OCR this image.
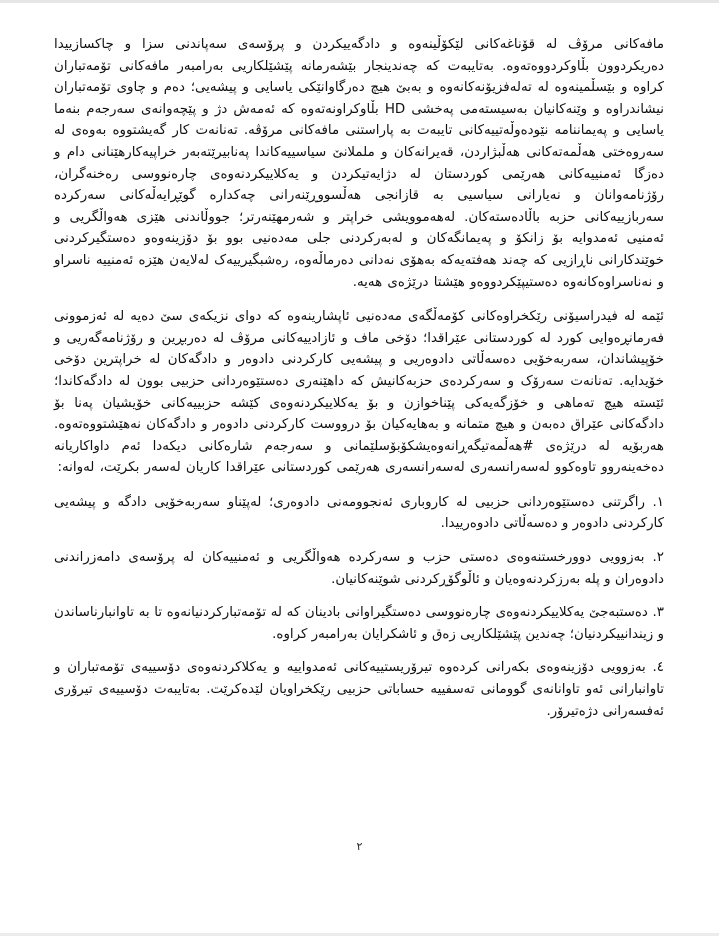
مافەکانی مرۆڤ لە قۆناغەکانی لێکۆڵینەوە و دادگەییکردن و پرۆسەی سەپاندنی سزا و چاکسازییدا دەریکردوون بڵاوکردووەتەوە. بەتایبەت کە چەندینجار بێشەرمانە پێشێلکاریی بەرامبەر مافەکانی تۆمەتباران کراوە و بێسڵمینەوە لە تەلەفزیۆنەکانەوە و بەبێ هیچ دەرگاوانێکی یاسایی و پیشەیی؛ دەم و چاوی تۆمەتباران نیشاندراوە و وێنەکانیان بەسیستەمی پەخشی HD بڵاوکراونەتەوە کە ئەمەش دژ و پێچەوانەی سەرجەم بنەما یاسایی و پەیماننامە نێودەوڵەتییەکانی تایبەت بە پاراستنی مافەکانی مرۆڤە. تەنانەت کار گەیشتووە بەوەی لە سەروەختی هەڵمەتەکانی هەڵبژاردن، قەیرانەکان و ململانێ سیاسییەکاندا پەنابیرێتەبەر خراپیەکارهێنانی دام و دەزگا ئەمنییەکانی هەرێمی کوردستان لە دژایەتیکردن و یەکلاییکردنەوەی چارەنووسی رەخنەگران، رۆژنامەوانان و نەیارانی سیاسیی بە قازانجی هەڵسووڕێنەرانی چەکدارە گوێڕایەڵەکانی سەرکردە سەربازییەکانی حزبە باڵادەستەکان. لەهەموویشی خراپتر و شەرمهێنەرتر؛ جووڵاندنی هێزی هەواڵگریی و ئەمنیی ئەمدوایە بۆ زانکۆ و پەیمانگەکان و لەبەرکردنی جلی مەدەنیی بوو بۆ دۆزینەوەو دەستگیرکردنی خوێندکارانی ناڕازیی کە چەند هەفتەیەکە بەهۆی نەدانی دەرماڵەوە، رەشبگیرییەک لەلایەن هێزە ئەمنییە ناسراو و نەناسراوەکانەوە دەستیپێکردووەو هێشتا درێژەی هەیە.

ئێمە لە فیدراسیۆنی رێکخراوەکانی کۆمەڵگەی مەدەنیی ئاپشارینەوە کە دوای نزیکەی سێ دەیە لە ئەزموونی فەرمانڕەوایی کورد لە کوردستانی عێراقدا؛ دۆخی ماف و ئازادییەکانی مرۆڤ لە دەربڕین و رۆژنامەگەریی و خۆپیشاندان، سەربەخۆیی دەسەڵاتی دادوەریی و پیشەیی کارکردنی دادوەر و دادگەکان لە خراپترین دۆخی خۆیدایە. تەنانەت سەرۆک و سەرکردەی حزبەکانیش کە داهێنەری دەستێوەردانی حزبیی بوون لە دادگەکاندا؛ ئێستە هیچ تەماهی و خۆزگەیەکی پێناخوازن و بۆ یەکلاییکردنەوەی کێشە حزبییەکانی خۆیشیان پەنا بۆ دادگەکانی عێراق دەبەن و هیچ متمانە و بەهایەکیان بۆ درووست کارکردنی دادوەر و دادگەکان نەهێشتووەتەوە. هەربۆیە لە درێژەی #هەڵمەتیگەڕانەوەیشکۆبۆسلێمانی و سەرجەم شارەکانی دیکەدا ئەم داواکاریانە دەخەینەروو تاوەکوو لەسەرانسەری لەسەرانسەری هەرێمی کوردستانی عێراقدا کاریان لەسەر بکرێت، لەوانە:

١. راگرتنی دەستێوەردانی حزبیی لە کاروباری ئەنجوومەنی دادوەری؛ لەپێناو سەربەخۆیی دادگە و پیشەیی کارکردنی دادوەر و دەسەڵاتی دادوەرییدا.

٢. بەزوویی دوورخستنەوەی دەستی حزب و سەرکردە هەواڵگریی و ئەمنییەکان لە پرۆسەی دامەزراندنی دادوەران و پلە بەرزکردنەوەیان و ئاڵوگۆڕکردنی شوێنەکانیان.

٣. دەستبەجێ یەکلاییکردنەوەی چارەنووسی دەستگیراوانی بادینان کە لە تۆمەتبارکردنیانەوە تا بە تاوانبارناساندن و زیندانییکردنیان؛ چەندین پێشێلکاریی زەق و ئاشکرایان بەرامبەر کراوە.

٤. بەزوویی دۆزینەوەی بکەرانی کردەوە تیرۆریستییەکانی ئەمدواییە و یەکلاکردنەوەی دۆسییەی تۆمەتباران و تاوانبارانی ئەو تاوانانەی گوومانی تەسفییە حساباتی حزبیی رێکخراویان لێدەکرێت. بەتایبەت دۆسییەی تیرۆری ئەفسەرانی دژەتیرۆر.

٢
